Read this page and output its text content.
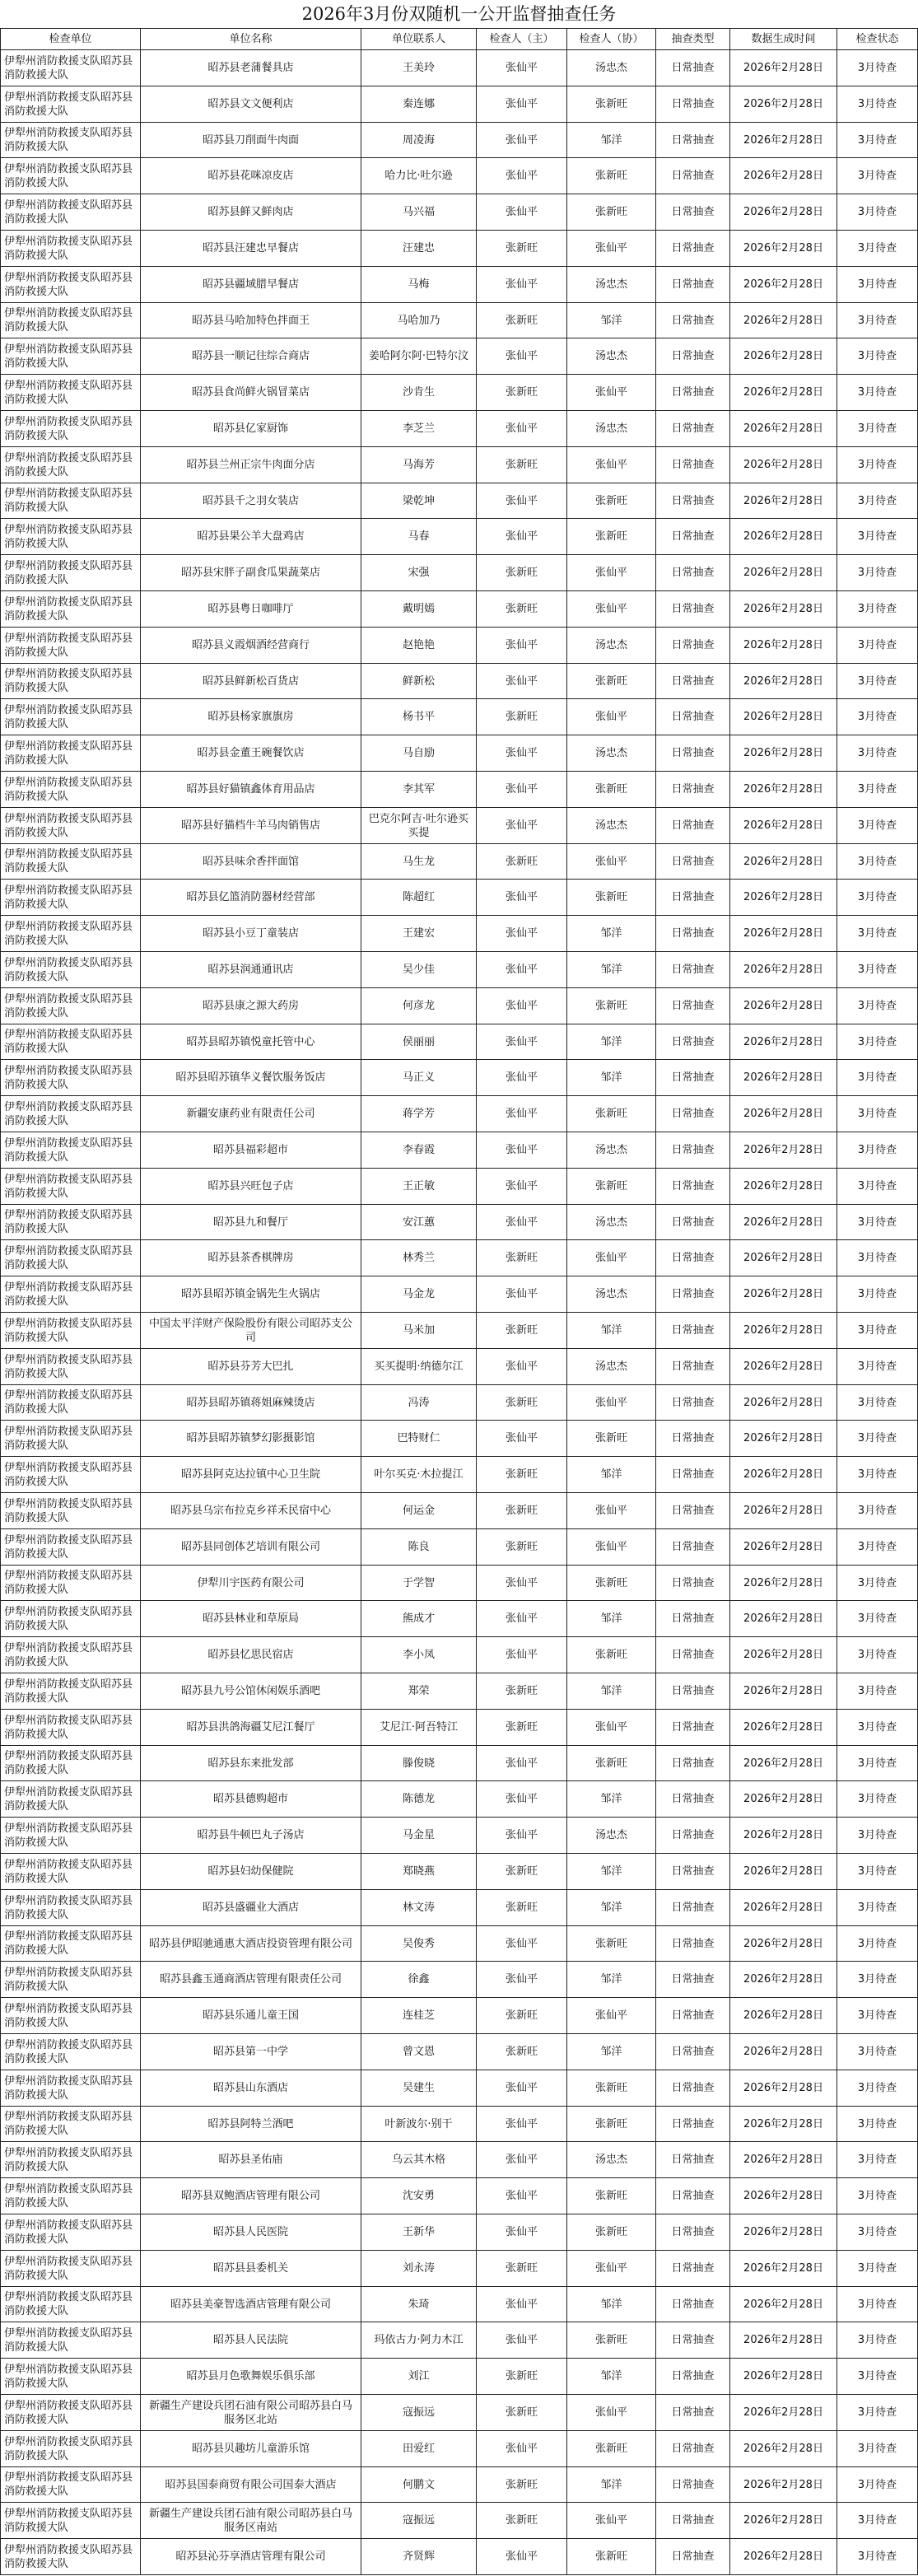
2026年3月份双随机一公开监督抽查任务
检查单位	单位名称	单位联系人	检查人（主）	检查人（协）	抽查类型	数据生成时间	检查状态
伊犁州消防救援支队昭苏县消防救援大队	昭苏县老蒲餐具店	王美玲	张仙平	汤忠杰	日常抽查	2026年2月28日	3月待查
伊犁州消防救援支队昭苏县消防救援大队	昭苏县文文便利店	秦连娜	张仙平	张新旺	日常抽查	2026年2月28日	3月待查
伊犁州消防救援支队昭苏县消防救援大队	昭苏县刀削面牛肉面	周凌海	张仙平	邹洋	日常抽查	2026年2月28日	3月待查
伊犁州消防救援支队昭苏县消防救援大队	昭苏县花咪凉皮店	哈力比·吐尔逊	张仙平	张新旺	日常抽查	2026年2月28日	3月待查
伊犁州消防救援支队昭苏县消防救援大队	昭苏县鲜又鲜肉店	马兴福	张仙平	张新旺	日常抽查	2026年2月28日	3月待查
伊犁州消防救援支队昭苏县消防救援大队	昭苏县汪建忠早餐店	汪建忠	张新旺	张仙平	日常抽查	2026年2月28日	3月待查
伊犁州消防救援支队昭苏县消防救援大队	昭苏县疆域腊早餐店	马梅	张仙平	汤忠杰	日常抽查	2026年2月28日	3月待查
伊犁州消防救援支队昭苏县消防救援大队	昭苏县马哈加特色拌面王	马哈加乃	张新旺	邹洋	日常抽查	2026年2月28日	3月待查
伊犁州消防救援支队昭苏县消防救援大队	昭苏县一顺记往综合商店	姜哈阿尔阿·巴特尔汶	张仙平	汤忠杰	日常抽查	2026年2月28日	3月待查
伊犁州消防救援支队昭苏县消防救援大队	昭苏县食尚鲜火锅冒菜店	沙肯生	张新旺	张仙平	日常抽查	2026年2月28日	3月待查
伊犁州消防救援支队昭苏县消防救援大队	昭苏县亿家厨饰	李芝兰	张仙平	汤忠杰	日常抽查	2026年2月28日	3月待查
伊犁州消防救援支队昭苏县消防救援大队	昭苏县兰州正宗牛肉面分店	马海芳	张新旺	张仙平	日常抽查	2026年2月28日	3月待查
伊犁州消防救援支队昭苏县消防救援大队	昭苏县千之羽女装店	梁乾坤	张仙平	张新旺	日常抽查	2026年2月28日	3月待查
伊犁州消防救援支队昭苏县消防救援大队	昭苏县果公羊大盘鸡店	马春	张仙平	张新旺	日常抽查	2026年2月28日	3月待查
伊犁州消防救援支队昭苏县消防救援大队	昭苏县宋胖子副食瓜果蔬菜店	宋强	张新旺	张仙平	日常抽查	2026年2月28日	3月待查
伊犁州消防救援支队昭苏县消防救援大队	昭苏县粤日咖啡厅	戴明嫣	张新旺	张仙平	日常抽查	2026年2月28日	3月待查
伊犁州消防救援支队昭苏县消防救援大队	昭苏县义霞烟酒经营商行	赵艳艳	张仙平	汤忠杰	日常抽查	2026年2月28日	3月待查
伊犁州消防救援支队昭苏县消防救援大队	昭苏县鲜新松百货店	鲜新松	张仙平	张新旺	日常抽查	2026年2月28日	3月待查
伊犁州消防救援支队昭苏县消防救援大队	昭苏县杨家旗旗房	杨书平	张新旺	张仙平	日常抽查	2026年2月28日	3月待查
伊犁州消防救援支队昭苏县消防救援大队	昭苏县金董王碗餐饮店	马自励	张仙平	汤忠杰	日常抽查	2026年2月28日	3月待查
伊犁州消防救援支队昭苏县消防救援大队	昭苏县好猫镇鑫体育用品店	李其军	张仙平	张新旺	日常抽查	2026年2月28日	3月待查
伊犁州消防救援支队昭苏县消防救援大队	昭苏县好猫档牛羊马肉销售店	巴克尔阿吉·吐尔逊买买提	张仙平	汤忠杰	日常抽查	2026年2月28日	3月待查
伊犁州消防救援支队昭苏县消防救援大队	昭苏县味余香拌面馆	马生龙	张新旺	张仙平	日常抽查	2026年2月28日	3月待查
伊犁州消防救援支队昭苏县消防救援大队	昭苏县亿篮消防器材经营部	陈超红	张仙平	张新旺	日常抽查	2026年2月28日	3月待查
伊犁州消防救援支队昭苏县消防救援大队	昭苏县小豆丁童装店	王建宏	张仙平	邹洋	日常抽查	2026年2月28日	3月待查
伊犁州消防救援支队昭苏县消防救援大队	昭苏县润通通讯店	吴少佳	张仙平	邹洋	日常抽查	2026年2月28日	3月待查
伊犁州消防救援支队昭苏县消防救援大队	昭苏县康之源大药房	何彦龙	张仙平	张新旺	日常抽查	2026年2月28日	3月待查
伊犁州消防救援支队昭苏县消防救援大队	昭苏县昭苏镇悦童托管中心	侯丽丽	张仙平	邹洋	日常抽查	2026年2月28日	3月待查
伊犁州消防救援支队昭苏县消防救援大队	昭苏县昭苏镇华义餐饮服务饭店	马正义	张仙平	邹洋	日常抽查	2026年2月28日	3月待查
伊犁州消防救援支队昭苏县消防救援大队	新疆安康药业有限责任公司	蒋学芳	张仙平	张新旺	日常抽查	2026年2月28日	3月待查
伊犁州消防救援支队昭苏县消防救援大队	昭苏县福彩超市	李春霞	张仙平	汤忠杰	日常抽查	2026年2月28日	3月待查
伊犁州消防救援支队昭苏县消防救援大队	昭苏县兴旺包子店	王正敏	张仙平	张新旺	日常抽查	2026年2月28日	3月待查
伊犁州消防救援支队昭苏县消防救援大队	昭苏县九和餐厅	安江蕙	张仙平	汤忠杰	日常抽查	2026年2月28日	3月待查
伊犁州消防救援支队昭苏县消防救援大队	昭苏县茶香棋牌房	林秀兰	张新旺	张仙平	日常抽查	2026年2月28日	3月待查
伊犁州消防救援支队昭苏县消防救援大队	昭苏县昭苏镇金锅先生火锅店	马金龙	张仙平	汤忠杰	日常抽查	2026年2月28日	3月待查
伊犁州消防救援支队昭苏县消防救援大队	中国太平洋财产保险股份有限公司昭苏支公司	马米加	张新旺	邹洋	日常抽查	2026年2月28日	3月待查
伊犁州消防救援支队昭苏县消防救援大队	昭苏县芬芳大巴扎	买买提明·纳德尔江	张仙平	汤忠杰	日常抽查	2026年2月28日	3月待查
伊犁州消防救援支队昭苏县消防救援大队	昭苏县昭苏镇蒋姐麻辣烫店	冯涛	张新旺	张仙平	日常抽查	2026年2月28日	3月待查
伊犁州消防救援支队昭苏县消防救援大队	昭苏县昭苏镇梦幻影摄影馆	巴特财仁	张仙平	张新旺	日常抽查	2026年2月28日	3月待查
伊犁州消防救援支队昭苏县消防救援大队	昭苏县阿克达拉镇中心卫生院	叶尔买克·木拉提江	张新旺	邹洋	日常抽查	2026年2月28日	3月待查
伊犁州消防救援支队昭苏县消防救援大队	昭苏县乌宗布拉克乡祥禾民宿中心	何运金	张新旺	张仙平	日常抽查	2026年2月28日	3月待查
伊犁州消防救援支队昭苏县消防救援大队	昭苏县同创体艺培训有限公司	陈良	张新旺	张仙平	日常抽查	2026年2月28日	3月待查
伊犁州消防救援支队昭苏县消防救援大队	伊犁川宇医药有限公司	于学智	张仙平	张新旺	日常抽查	2026年2月28日	3月待查
伊犁州消防救援支队昭苏县消防救援大队	昭苏县林业和草原局	熊成才	张仙平	邹洋	日常抽查	2026年2月28日	3月待查
伊犁州消防救援支队昭苏县消防救援大队	昭苏县忆思民宿店	李小凤	张仙平	张新旺	日常抽查	2026年2月28日	3月待查
伊犁州消防救援支队昭苏县消防救援大队	昭苏县九号公馆休闲娱乐酒吧	郑荣	张新旺	邹洋	日常抽查	2026年2月28日	3月待查
伊犁州消防救援支队昭苏县消防救援大队	昭苏县洪鸽海疆艾尼江餐厅	艾尼江·阿吾特江	张新旺	张仙平	日常抽查	2026年2月28日	3月待查
伊犁州消防救援支队昭苏县消防救援大队	昭苏县东来批发部	滕俊晓	张仙平	张新旺	日常抽查	2026年2月28日	3月待查
伊犁州消防救援支队昭苏县消防救援大队	昭苏县德购超市	陈德龙	张仙平	邹洋	日常抽查	2026年2月28日	3月待查
伊犁州消防救援支队昭苏县消防救援大队	昭苏县牛顿巴丸子汤店	马金星	张仙平	汤忠杰	日常抽查	2026年2月28日	3月待查
伊犁州消防救援支队昭苏县消防救援大队	昭苏县妇幼保健院	郑晓燕	张新旺	邹洋	日常抽查	2026年2月28日	3月待查
伊犁州消防救援支队昭苏县消防救援大队	昭苏县盛疆业大酒店	林文涛	张新旺	邹洋	日常抽查	2026年2月28日	3月待查
伊犁州消防救援支队昭苏县消防救援大队	昭苏县伊昭驰通惠大酒店投资管理有限公司	吴俊秀	张仙平	张新旺	日常抽查	2026年2月28日	3月待查
伊犁州消防救援支队昭苏县消防救援大队	昭苏县鑫玉通商酒店管理有限责任公司	徐鑫	张仙平	邹洋	日常抽查	2026年2月28日	3月待查
伊犁州消防救援支队昭苏县消防救援大队	昭苏县乐通儿童王国	连桂芝	张新旺	张仙平	日常抽查	2026年2月28日	3月待查
伊犁州消防救援支队昭苏县消防救援大队	昭苏县第一中学	曾文恩	张新旺	邹洋	日常抽查	2026年2月28日	3月待查
伊犁州消防救援支队昭苏县消防救援大队	昭苏县山东酒店	吴建生	张仙平	张新旺	日常抽查	2026年2月28日	3月待查
伊犁州消防救援支队昭苏县消防救援大队	昭苏县阿特兰酒吧	叶新波尔·别干	张仙平	张新旺	日常抽查	2026年2月28日	3月待查
伊犁州消防救援支队昭苏县消防救援大队	昭苏县圣佑庙	乌云其木格	张仙平	汤忠杰	日常抽查	2026年2月28日	3月待查
伊犁州消防救援支队昭苏县消防救援大队	昭苏县双鲍酒店管理有限公司	沈安勇	张仙平	张新旺	日常抽查	2026年2月28日	3月待查
伊犁州消防救援支队昭苏县消防救援大队	昭苏县人民医院	王新华	张仙平	张新旺	日常抽查	2026年2月28日	3月待查
伊犁州消防救援支队昭苏县消防救援大队	昭苏县县委机关	刘永涛	张新旺	张仙平	日常抽查	2026年2月28日	3月待查
伊犁州消防救援支队昭苏县消防救援大队	昭苏县美豪智选酒店管理有限公司	朱琦	张仙平	邹洋	日常抽查	2026年2月28日	3月待查
伊犁州消防救援支队昭苏县消防救援大队	昭苏县人民法院	玛依古力·阿力木江	张仙平	张新旺	日常抽查	2026年2月28日	3月待查
伊犁州消防救援支队昭苏县消防救援大队	昭苏县月色歌舞娱乐俱乐部	刘江	张新旺	邹洋	日常抽查	2026年2月28日	3月待查
伊犁州消防救援支队昭苏县消防救援大队	新疆生产建设兵团石油有限公司昭苏县白马服务区北站	寇振远	张新旺	张仙平	日常抽查	2026年2月28日	3月待查
伊犁州消防救援支队昭苏县消防救援大队	昭苏县贝趣坊儿童游乐馆	田爱红	张仙平	张新旺	日常抽查	2026年2月28日	3月待查
伊犁州消防救援支队昭苏县消防救援大队	昭苏县国泰商贸有限公司国泰大酒店	何鹏文	张新旺	邹洋	日常抽查	2026年2月28日	3月待查
伊犁州消防救援支队昭苏县消防救援大队	新疆生产建设兵团石油有限公司昭苏县白马服务区南站	寇振远	张新旺	张仙平	日常抽查	2026年2月28日	3月待查
伊犁州消防救援支队昭苏县消防救援大队	昭苏县沁芬享酒店管理有限公司	齐贤辉	张仙平	张新旺	日常抽查	2026年2月28日	3月待查
